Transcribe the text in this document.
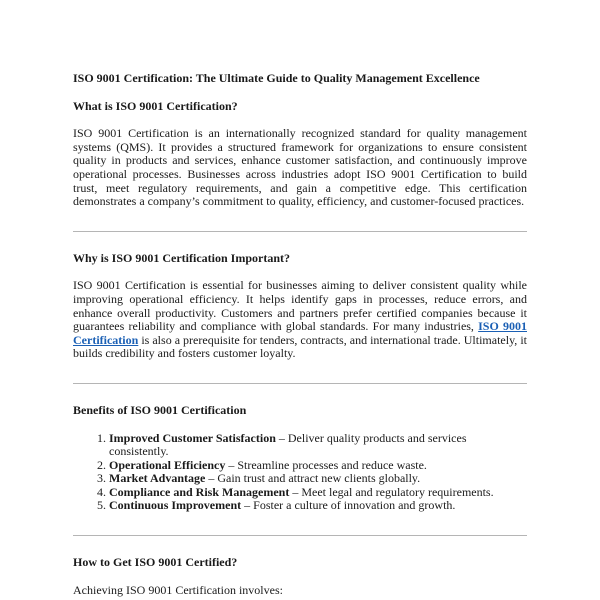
ISO 9001 Certification: The Ultimate Guide to Quality Management Excellence
What is ISO 9001 Certification?

ISO 9001 Certification is an internationally recognized standard for quality management systems (QMS). It provides a structured framework for organizations to ensure consistent quality in products and services, enhance customer satisfaction, and continuously improve operational processes. Businesses across industries adopt ISO 9001 Certification to build trust, meet regulatory requirements, and gain a competitive edge. This certification demonstrates a company’s commitment to quality, efficiency, and customer-focused practices.

Why is ISO 9001 Certification Important?

ISO 9001 Certification is essential for businesses aiming to deliver consistent quality while improving operational efficiency. It helps identify gaps in processes, reduce errors, and enhance overall productivity. Customers and partners prefer certified companies because it guarantees reliability and compliance with global standards. For many industries, ISO 9001 Certification is also a prerequisite for tenders, contracts, and international trade. Ultimately, it builds credibility and fosters customer loyalty.

Benefits of ISO 9001 Certification
1. Improved Customer Satisfaction – Deliver quality products and services consistently.
2. Operational Efficiency – Streamline processes and reduce waste.
3. Market Advantage – Gain trust and attract new clients globally.
4. Compliance and Risk Management – Meet legal and regulatory requirements.
5. Continuous Improvement – Foster a culture of innovation and growth.
How to Get ISO 9001 Certified?

Achieving ISO 9001 Certification involves:
